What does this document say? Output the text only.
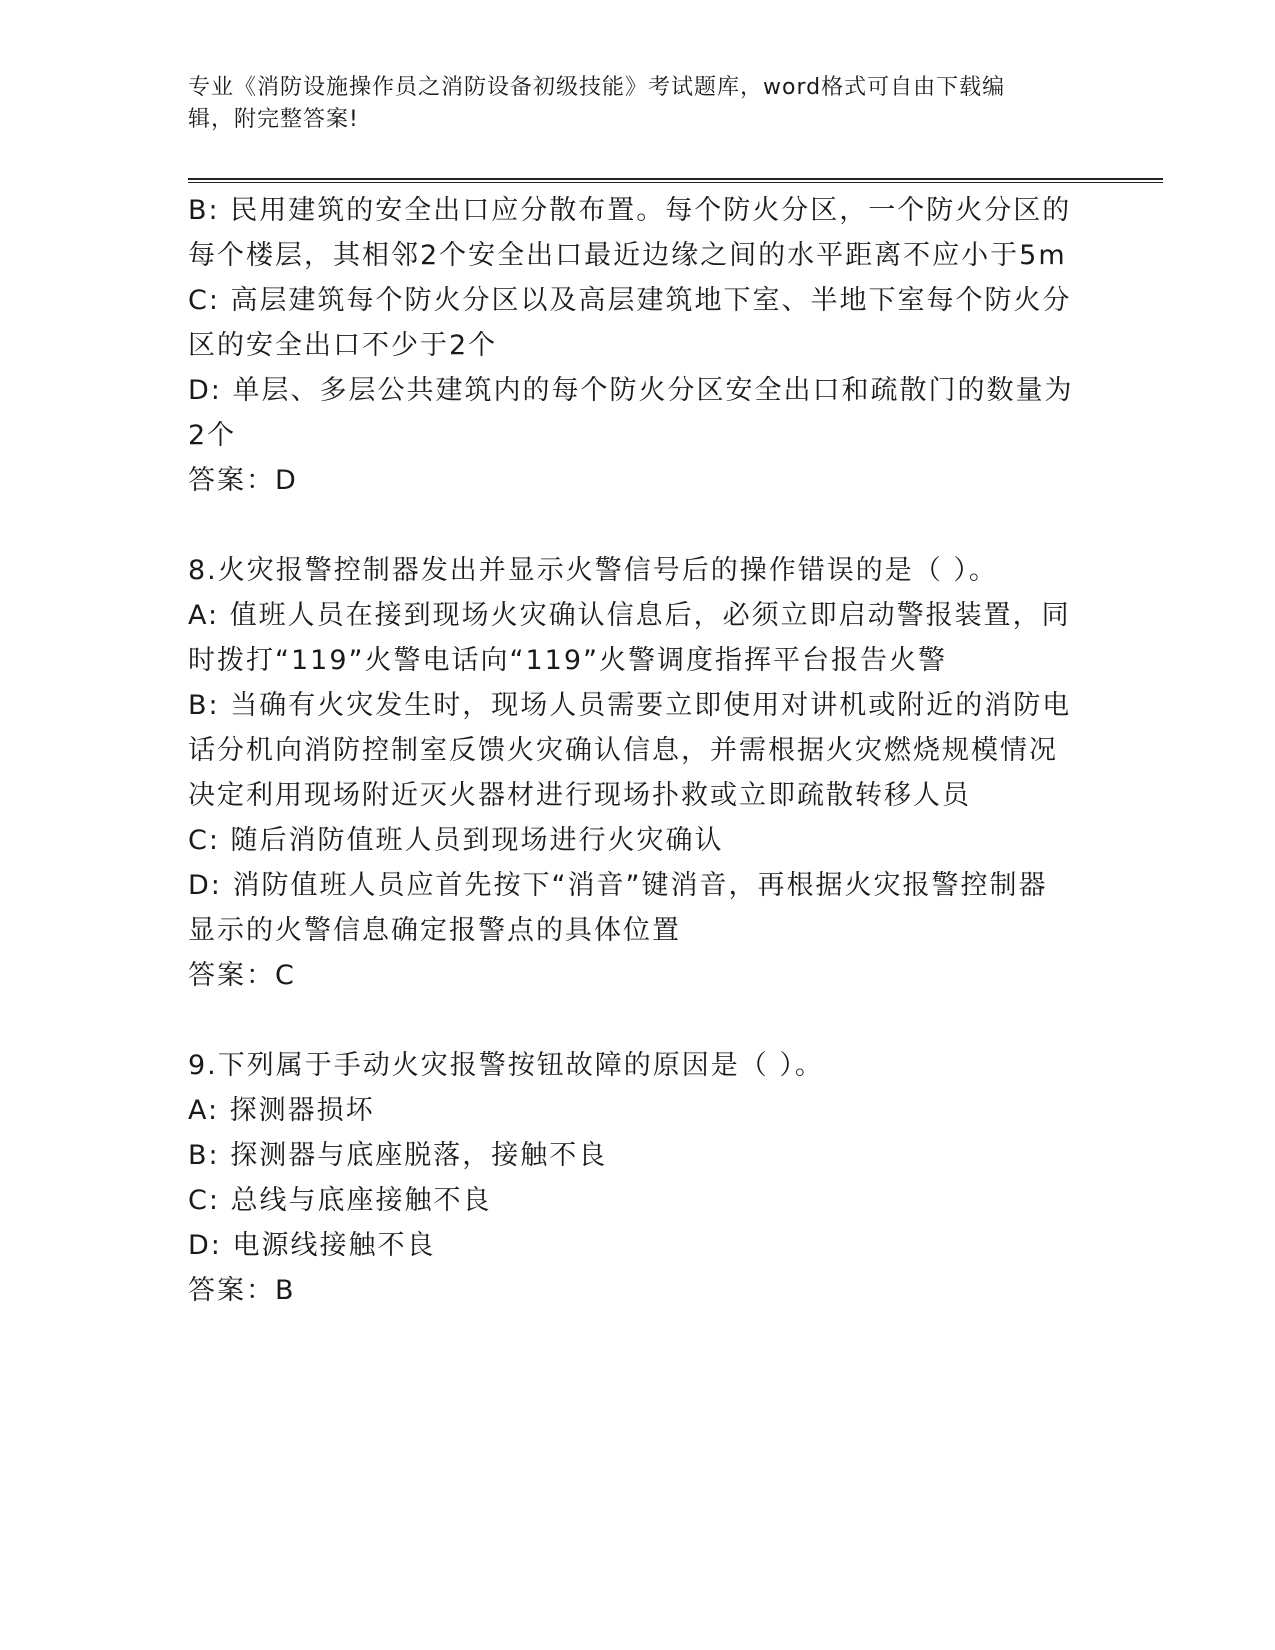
专业《消防设施操作员之消防设备初级技能》考试题库，word格式可自由下载编
辑，附完整答案!
B: 民用建筑的安全出口应分散布置。每个防火分区，一个防火分区的
每个楼层，其相邻2个安全出口最近边缘之间的水平距离不应小于5m
C: 高层建筑每个防火分区以及高层建筑地下室、半地下室每个防火分
区的安全出口不少于2个
D: 单层、多层公共建筑内的每个防火分区安全出口和疏散门的数量为
2个
答案：D
8.火灾报警控制器发出并显示火警信号后的操作错误的是（ ）。
A: 值班人员在接到现场火灾确认信息后，必须立即启动警报装置，同
时拨打“119”火警电话向“119”火警调度指挥平台报告火警
B: 当确有火灾发生时，现场人员需要立即使用对讲机或附近的消防电
话分机向消防控制室反馈火灾确认信息，并需根据火灾燃烧规模情况
决定利用现场附近灭火器材进行现场扑救或立即疏散转移人员
C: 随后消防值班人员到现场进行火灾确认
D: 消防值班人员应首先按下“消音”键消音，再根据火灾报警控制器
显示的火警信息确定报警点的具体位置
答案：C
9.下列属于手动火灾报警按钮故障的原因是（ ）。
A: 探测器损坏
B: 探测器与底座脱落，接触不良
C: 总线与底座接触不良
D: 电源线接触不良
答案：B
